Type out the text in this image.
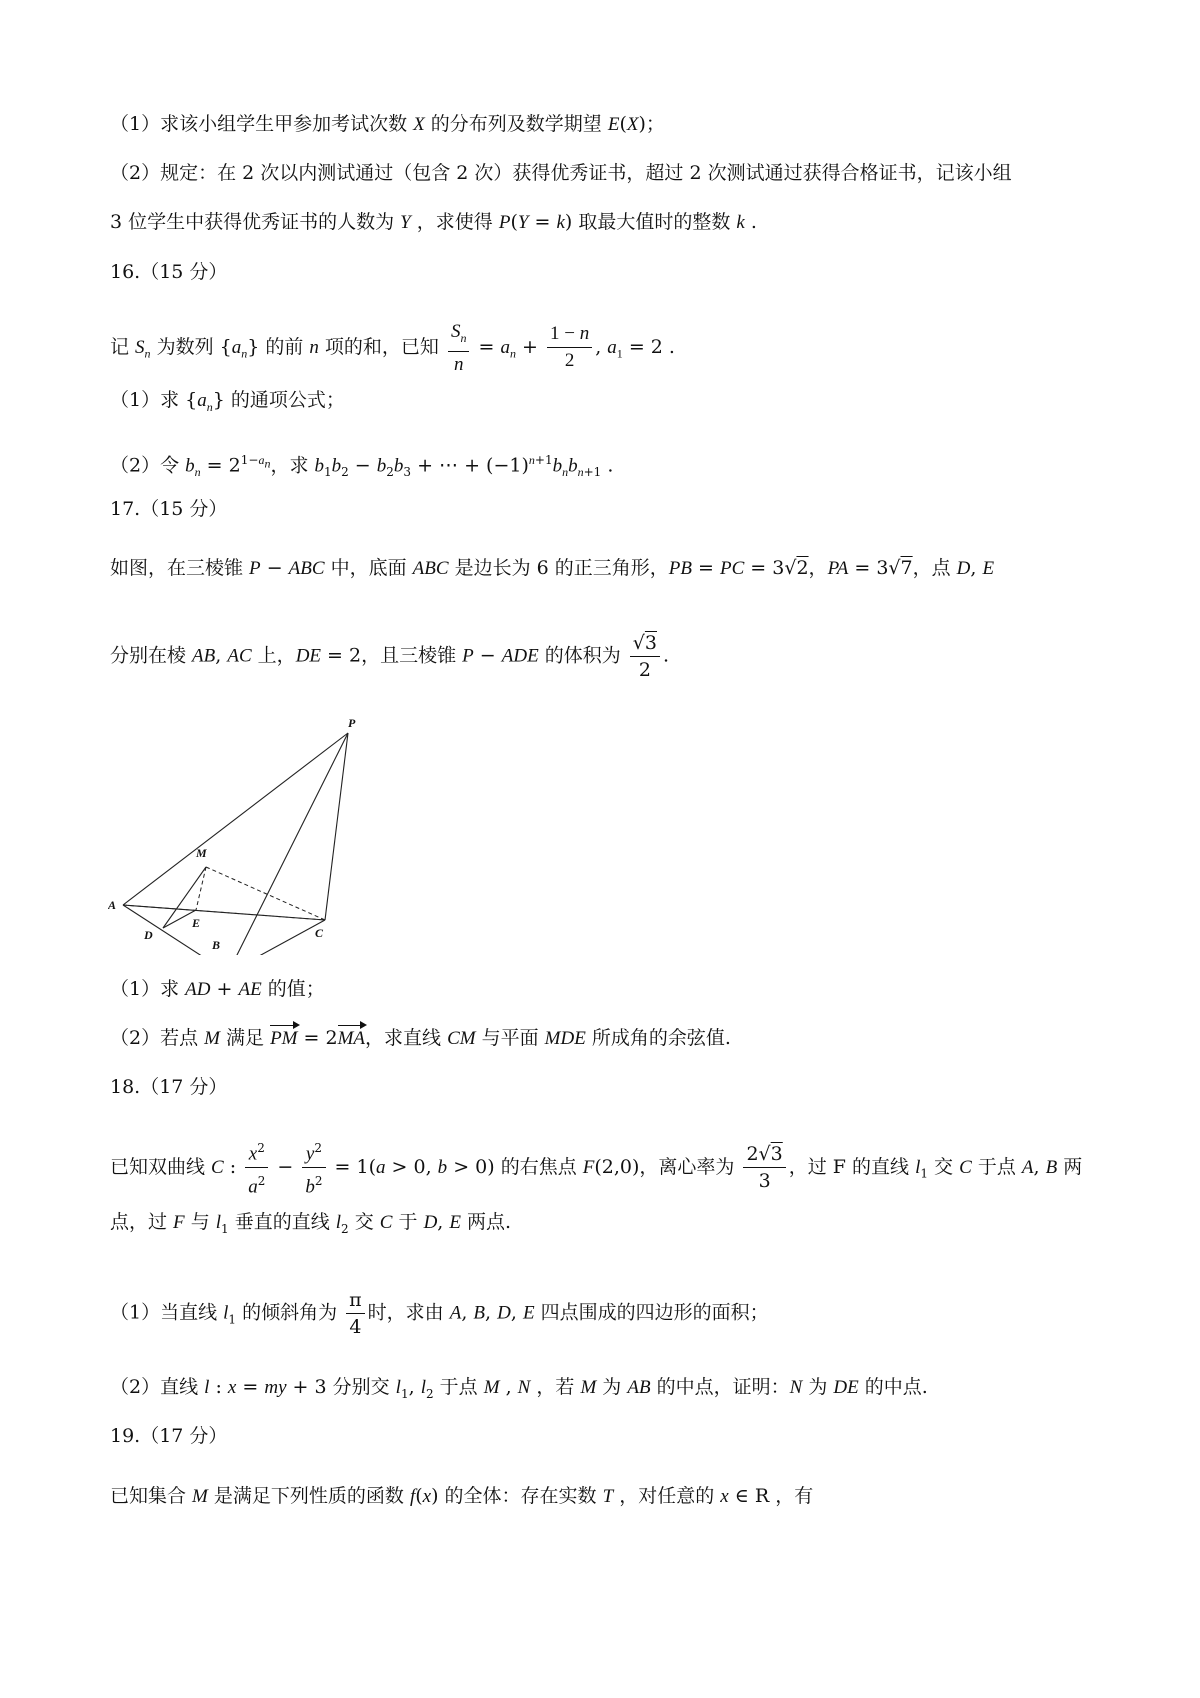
（1）求该小组学生甲参加考试次数 X 的分布列及数学期望 E(X)；
（2）规定：在 2 次以内测试通过（包含 2 次）获得优秀证书，超过 2 次测试通过获得合格证书，记该小组
3 位学生中获得优秀证书的人数为 Y ，求使得 P(Y = k) 取最大值时的整数 k .
16.（15 分）
记 $S_n$ 为数列 $\{a_n\}$ 的前 n 项的和，已知 $\frac{S_n}{n} = a_n + \frac{1 - n}{2}$ , $a_1 = 2$ .
（1）求 $\{a_n\}$ 的通项公式；
（2）令 $b_n = 2^{1-a_n}$，求 $b_1b_2 - b_2b_3$ + ⋯ + $(-1)^{n+1}b_nb_{n+1}$ .
17.（15 分）
如图，在三棱锥 P − ABC 中，底面 ABC 是边长为 6 的正三角形，PB = PC = 3√2，PA = 3√7，点 D, E
分别在棱 AB, AC 上，DE = 2，且三棱锥 P − ADE 的体积为 $\frac{√3}{2}$ .
P
M
A
E
C
D
B
（1）求 AD + AE 的值；
（2）若点 M 满足 PM = 2MA，求直线 CM 与平面 MDE 所成角的余弦值.
18.（17 分）
已知双曲线 C : $\frac{x^2}{a^2} - \frac{y^2}{b^2} = 1(a > 0$, b > 0) 的右焦点 F(2,0)，离心率为 $\frac{2√3}{3}$ ，过 F 的直线 $l_1$ 交 C 于点 A, B 两
点，过 F 与 $l_1$ 垂直的直线 $l_2$ 交 C 于 D, E 两点.
（1）当直线 $l_1$ 的倾斜角为 $\frac{\pi}{4}$ 时，求由 A, B, D, E 四点围成的四边形的面积；
（2）直线 l : x = my + 3 分别交 $l_1$, $l_2$ 于点 M , N ，若 M 为 AB 的中点，证明：N 为 DE 的中点.
19.（17 分）
已知集合 M 是满足下列性质的函数 f(x) 的全体：存在实数 T ，对任意的 x ∈ R ，有
